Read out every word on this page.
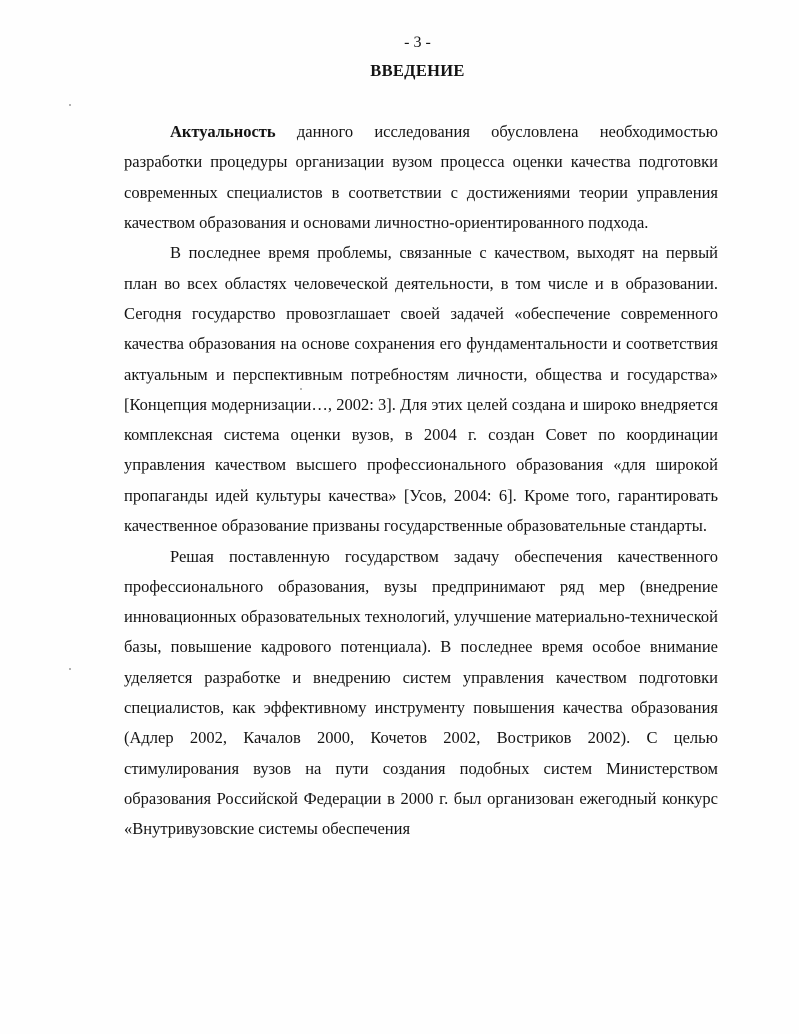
- 3 -
ВВЕДЕНИЕ

Актуальность данного исследования обусловлена необходимостью разработки процедуры организации вузом процесса оценки качества подготовки современных специалистов в соответствии с достижениями теории управления качеством образования и основами личностно-ориентированного подхода.

В последнее время проблемы, связанные с качеством, выходят на первый план во всех областях человеческой деятельности, в том числе и в образовании. Сегодня государство провозглашает своей задачей «обеспечение современного качества образования на основе сохранения его фундаментальности и соответствия актуальным и перспективным потребностям личности, общества и государства» [Концепция модернизации…, 2002: 3]. Для этих целей создана и широко внедряется комплексная система оценки вузов, в 2004 г. создан Совет по координации управления качеством высшего профессионального образования «для широкой пропаганды идей культуры качества» [Усов, 2004: 6]. Кроме того, гарантировать качественное образование призваны государственные образовательные стандарты.

Решая поставленную государством задачу обеспечения качественного профессионального образования, вузы предпринимают ряд мер (внедрение инновационных образовательных технологий, улучшение материально-технической базы, повышение кадрового потенциала). В последнее время особое внимание уделяется разработке и внедрению систем управления качеством подготовки специалистов, как эффективному инструменту повышения качества образования (Адлер 2002, Качалов 2000, Кочетов 2002, Востриков 2002). С целью стимулирования вузов на пути создания подобных систем Министерством образования Российской Федерации в 2000 г. был организован ежегодный конкурс «Внутривузовские системы обеспечения
